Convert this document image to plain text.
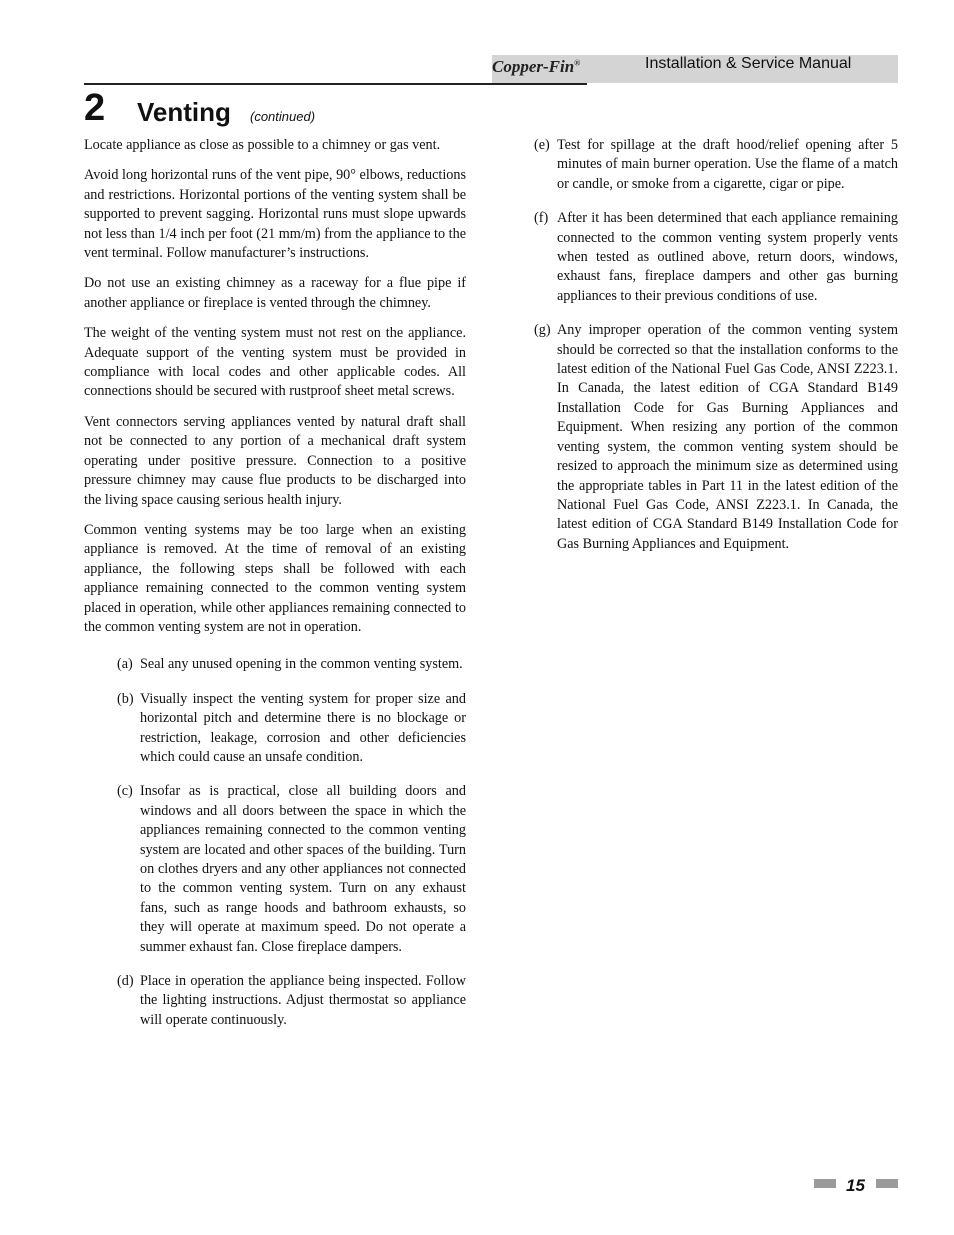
Copper-Fin®	Installation & Service Manual
2 Venting (continued)

Locate appliance as close as possible to a chimney or gas vent.

Avoid long horizontal runs of the vent pipe, 90° elbows, reductions and restrictions. Horizontal portions of the venting system shall be supported to prevent sagging. Horizontal runs must slope upwards not less than 1/4 inch per foot (21 mm/m) from the appliance to the vent terminal. Follow manufacturer’s instructions.

Do not use an existing chimney as a raceway for a flue pipe if another appliance or fireplace is vented through the chimney.

The weight of the venting system must not rest on the appliance. Adequate support of the venting system must be provided in compliance with local codes and other applicable codes. All connections should be secured with rustproof sheet metal screws.

Vent connectors serving appliances vented by natural draft shall not be connected to any portion of a mechanical draft system operating under positive pressure. Connection to a positive pressure chimney may cause flue products to be discharged into the living space causing serious health injury.

Common venting systems may be too large when an existing appliance is removed. At the time of removal of an existing appliance, the following steps shall be followed with each appliance remaining connected to the common venting system placed in operation, while other appliances remaining connected to the common venting system are not in operation.

(a) Seal any unused opening in the common venting system.
(b) Visually inspect the venting system for proper size and horizontal pitch and determine there is no blockage or restriction, leakage, corrosion and other deficiencies which could cause an unsafe condition.
(c) Insofar as is practical, close all building doors and windows and all doors between the space in which the appliances remaining connected to the common venting system are located and other spaces of the building. Turn on clothes dryers and any other appliances not connected to the common venting system. Turn on any exhaust fans, such as range hoods and bathroom exhausts, so they will operate at maximum speed. Do not operate a summer exhaust fan. Close fireplace dampers.
(d) Place in operation the appliance being inspected. Follow the lighting instructions. Adjust thermostat so appliance will operate continuously.
(e) Test for spillage at the draft hood/relief opening after 5 minutes of main burner operation. Use the flame of a match or candle, or smoke from a cigarette, cigar or pipe.
(f) After it has been determined that each appliance remaining connected to the common venting system properly vents when tested as outlined above, return doors, windows, exhaust fans, fireplace dampers and other gas burning appliances to their previous conditions of use.
(g) Any improper operation of the common venting system should be corrected so that the installation conforms to the latest edition of the National Fuel Gas Code, ANSI Z223.1. In Canada, the latest edition of CGA Standard B149 Installation Code for Gas Burning Appliances and Equipment. When resizing any portion of the common venting system, the common venting system should be resized to approach the minimum size as determined using the appropriate tables in Part 11 in the latest edition of the National Fuel Gas Code, ANSI Z223.1. In Canada, the latest edition of CGA Standard B149 Installation Code for Gas Burning Appliances and Equipment.
15
